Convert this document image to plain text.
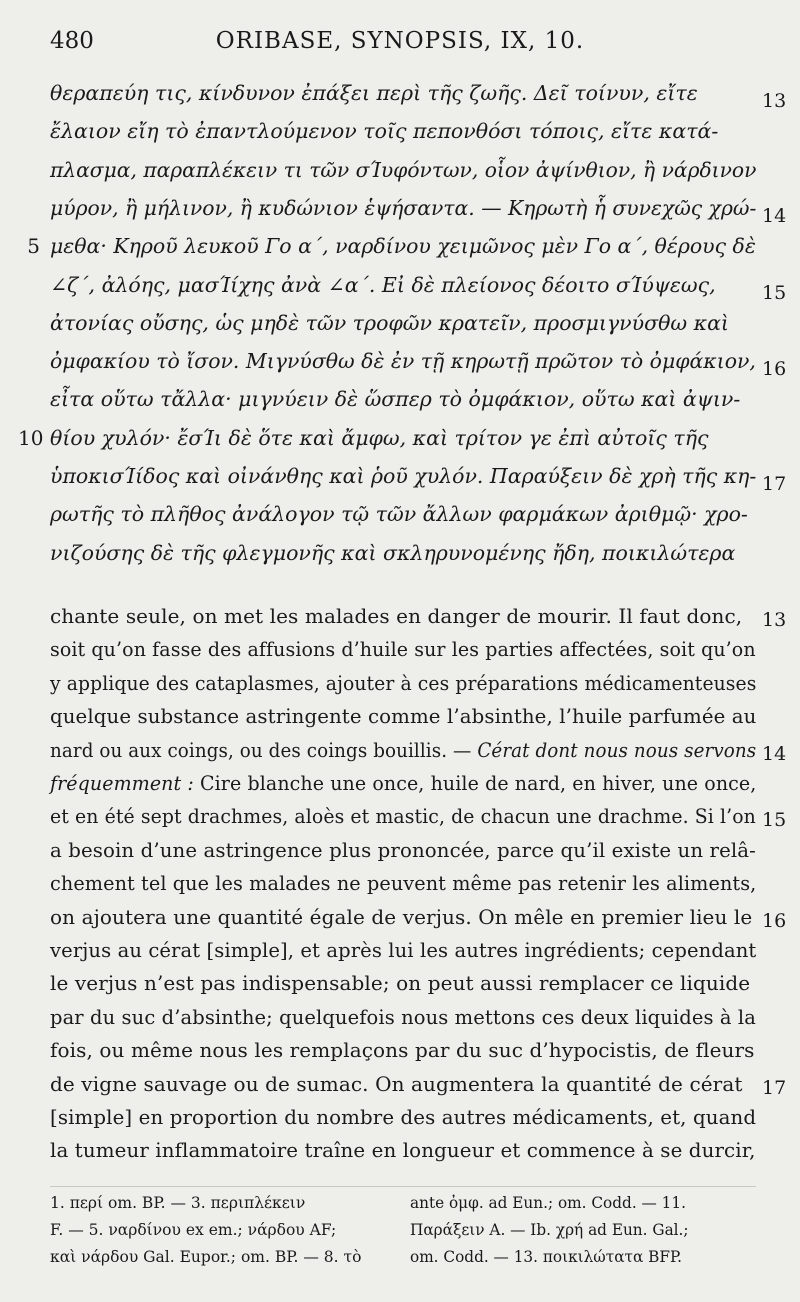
480	ORIBASE, SYNOPSIS, IX, 10.
θεραπεύη τις, κίνδυνον ἐπάξει περὶ τῆς ζωῆς. Δεῖ τοίνυν, εἴτε	13
ἔλαιον εἴη τὸ ἐπαντλούμενον τοῖς πεπονθόσι τόποις, εἴτε κατά-
πλασμα, παραπλέκειν τι τῶν σΊυφόντων, οἷον ἀψίνθιον, ἢ νάρδινον
μύρον, ἢ μήλινον, ἢ κυδώνιον ἑψήσαντα. — Κηρωτὴ ἧ συνεχῶς χρώ- 14
μεθα· Κηροῦ λευκοῦ Γο α΄, ναρδίνου χειμῶνος μὲν Γο α΄, θέρους δὲ
5
∠ζ΄, ἀλόης, μασΊίχης ἀνὰ ∠α΄. Εἰ δὲ πλείονος δέοιτο σΊύψεως,	15
ἀτονίας οὔσης, ὡς μηδὲ τῶν τροφῶν κρατεῖν, προσμιγνύσθω καὶ
ὀμφακίου τὸ ἴσον. Μιγνύσθω δὲ ἐν τῇ κηρωτῇ πρῶτον τὸ ὀμφάκιον, 16
εἶτα οὕτω τἄλλα· μιγνύειν δὲ ὥσπερ τὸ ὀμφάκιον, οὕτω καὶ ἀψιν-
θίου χυλόν· ἔσΊι δὲ ὅτε καὶ ἄμφω, καὶ τρίτον γε ἐπὶ αὐτοῖς τῆς
10
ὑποκισΊίδος καὶ οἰνάνθης καὶ ῥοῦ χυλόν. Παραύξειν δὲ χρὴ τῆς κη- 17
ρωτῆς τὸ πλῆθος ἀνάλογον τῷ τῶν ἄλλων φαρμάκων ἀριθμῷ· χρο-
νιζούσης δὲ τῆς φλεγμονῆς καὶ σκληρυνομένης ἤδη, ποικιλώτερα
chante seule, on met les malades en danger de mourir. Il faut donc,	13
soit qu’on fasse des affusions d’huile sur les parties affectées, soit qu’on
y applique des cataplasmes, ajouter à ces préparations médicamenteuses
quelque substance astringente comme l’absinthe, l’huile parfumée au
nard ou aux coings, ou des coings bouillis. — Cérat dont nous nous servons 14
fréquemment : Cire blanche une once, huile de nard, en hiver, une once,
et en été sept drachmes, aloès et mastic, de chacun une drachme. Si l’on 15
a besoin d’une astringence plus prononcée, parce qu’il existe un relâ-
chement tel que les malades ne peuvent même pas retenir les aliments,
on ajoutera une quantité égale de verjus. On mêle en premier lieu le 16
verjus au cérat [simple], et après lui les autres ingrédients; cependant
le verjus n’est pas indispensable; on peut aussi remplacer ce liquide
par du suc d’absinthe; quelquefois nous mettons ces deux liquides à la
fois, ou même nous les remplaçons par du suc d’hypocistis, de fleurs
de vigne sauvage ou de sumac. On augmentera la quantité de cérat	17
[simple] en proportion du nombre des autres médicaments, et, quand
la tumeur inflammatoire traîne en longueur et commence à se durcir,
1. περί om. BP. — 3. περιπλέκειν
F. — 5. ναρδίνου ex em.; νάρδου AF;
καὶ νάρδου Gal. Eupor.; om. BP. — 8. τὸ
ante ὀμφ. ad Eun.; om. Codd. — 11.
Παράξειν A. — Ib. χρή ad Eun. Gal.;
om. Codd. — 13. ποικιλώτατα BFP.
